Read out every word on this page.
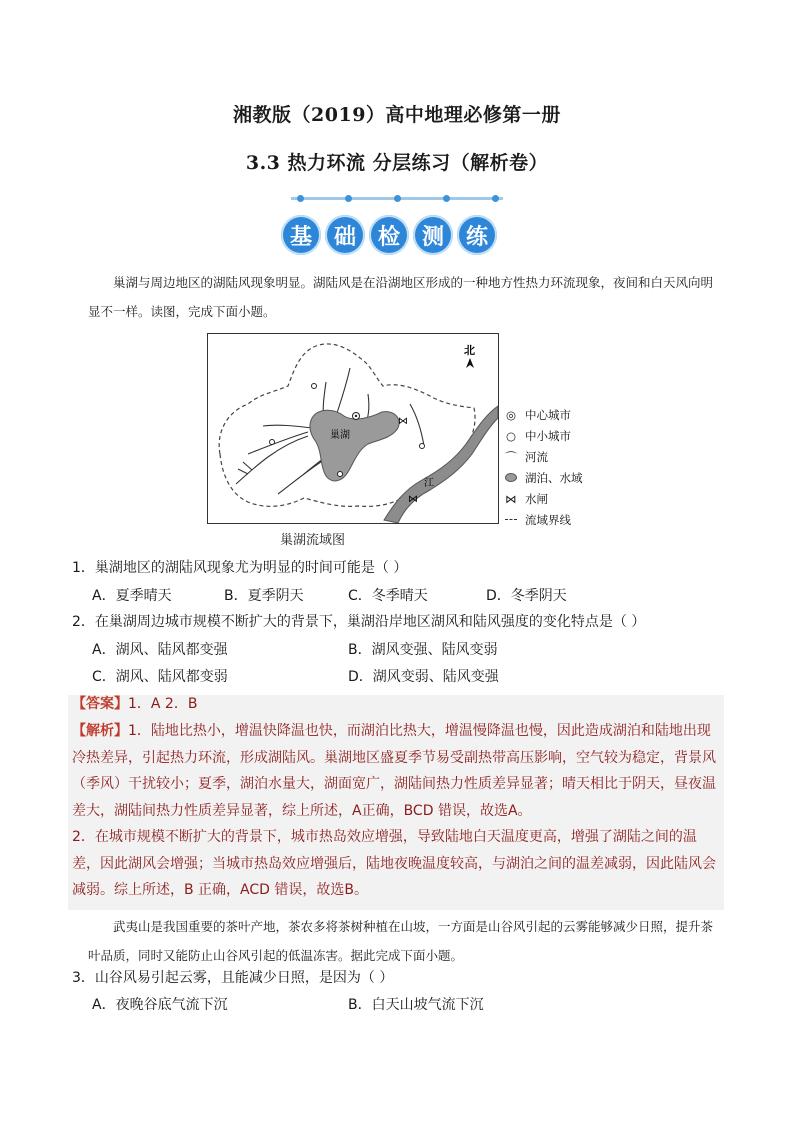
湘教版（2019）高中地理必修第一册
3.3 热力环流 分层练习（解析卷）
基 础 检 测 练
巢湖与周边地区的湖陆风现象明显。湖陆风是在沿湖地区形成的一种地方性热力环流现象，夜间和白天风向明显不一样。读图，完成下面小题。
⋈
⋈
巢湖
江
北
◎ 中心城市
○ 中小城市
⌒ 河流
湖泊、水域
⋈ 水闸
流域界线
巢湖流域图
1．巢湖地区的湖陆风现象尤为明显的时间可能是（ ）
A．夏季晴天	B．夏季阴天	C．冬季晴天	D．冬季阴天
2．在巢湖周边城市规模不断扩大的背景下，巢湖沿岸地区湖风和陆风强度的变化特点是（ ）
A．湖风、陆风都变强	B．湖风变强、陆风变弱
C．湖风、陆风都变弱	D．湖风变弱、陆风变强
【答案】1．A 2．B
【解析】1．陆地比热小，增温快降温也快，而湖泊比热大，增温慢降温也慢，因此造成湖泊和陆地出现冷热差异，引起热力环流，形成湖陆风。巢湖地区盛夏季节易受副热带高压影响，空气较为稳定，背景风（季风）干扰较小；夏季，湖泊水量大，湖面宽广，湖陆间热力性质差异显著；晴天相比于阴天，昼夜温差大，湖陆间热力性质差异显著，综上所述，A正确，BCD 错误，故选A。
2．在城市规模不断扩大的背景下，城市热岛效应增强，导致陆地白天温度更高，增强了湖陆之间的温差，因此湖风会增强；当城市热岛效应增强后，陆地夜晚温度较高，与湖泊之间的温差减弱，因此陆风会减弱。综上所述，B 正确，ACD 错误，故选B。
武夷山是我国重要的茶叶产地，茶农多将茶树种植在山坡，一方面是山谷风引起的云雾能够减少日照，提升茶叶品质，同时又能防止山谷风引起的低温冻害。据此完成下面小题。
3．山谷风易引起云雾，且能减少日照，是因为（ ）
A．夜晚谷底气流下沉	B．白天山坡气流下沉
